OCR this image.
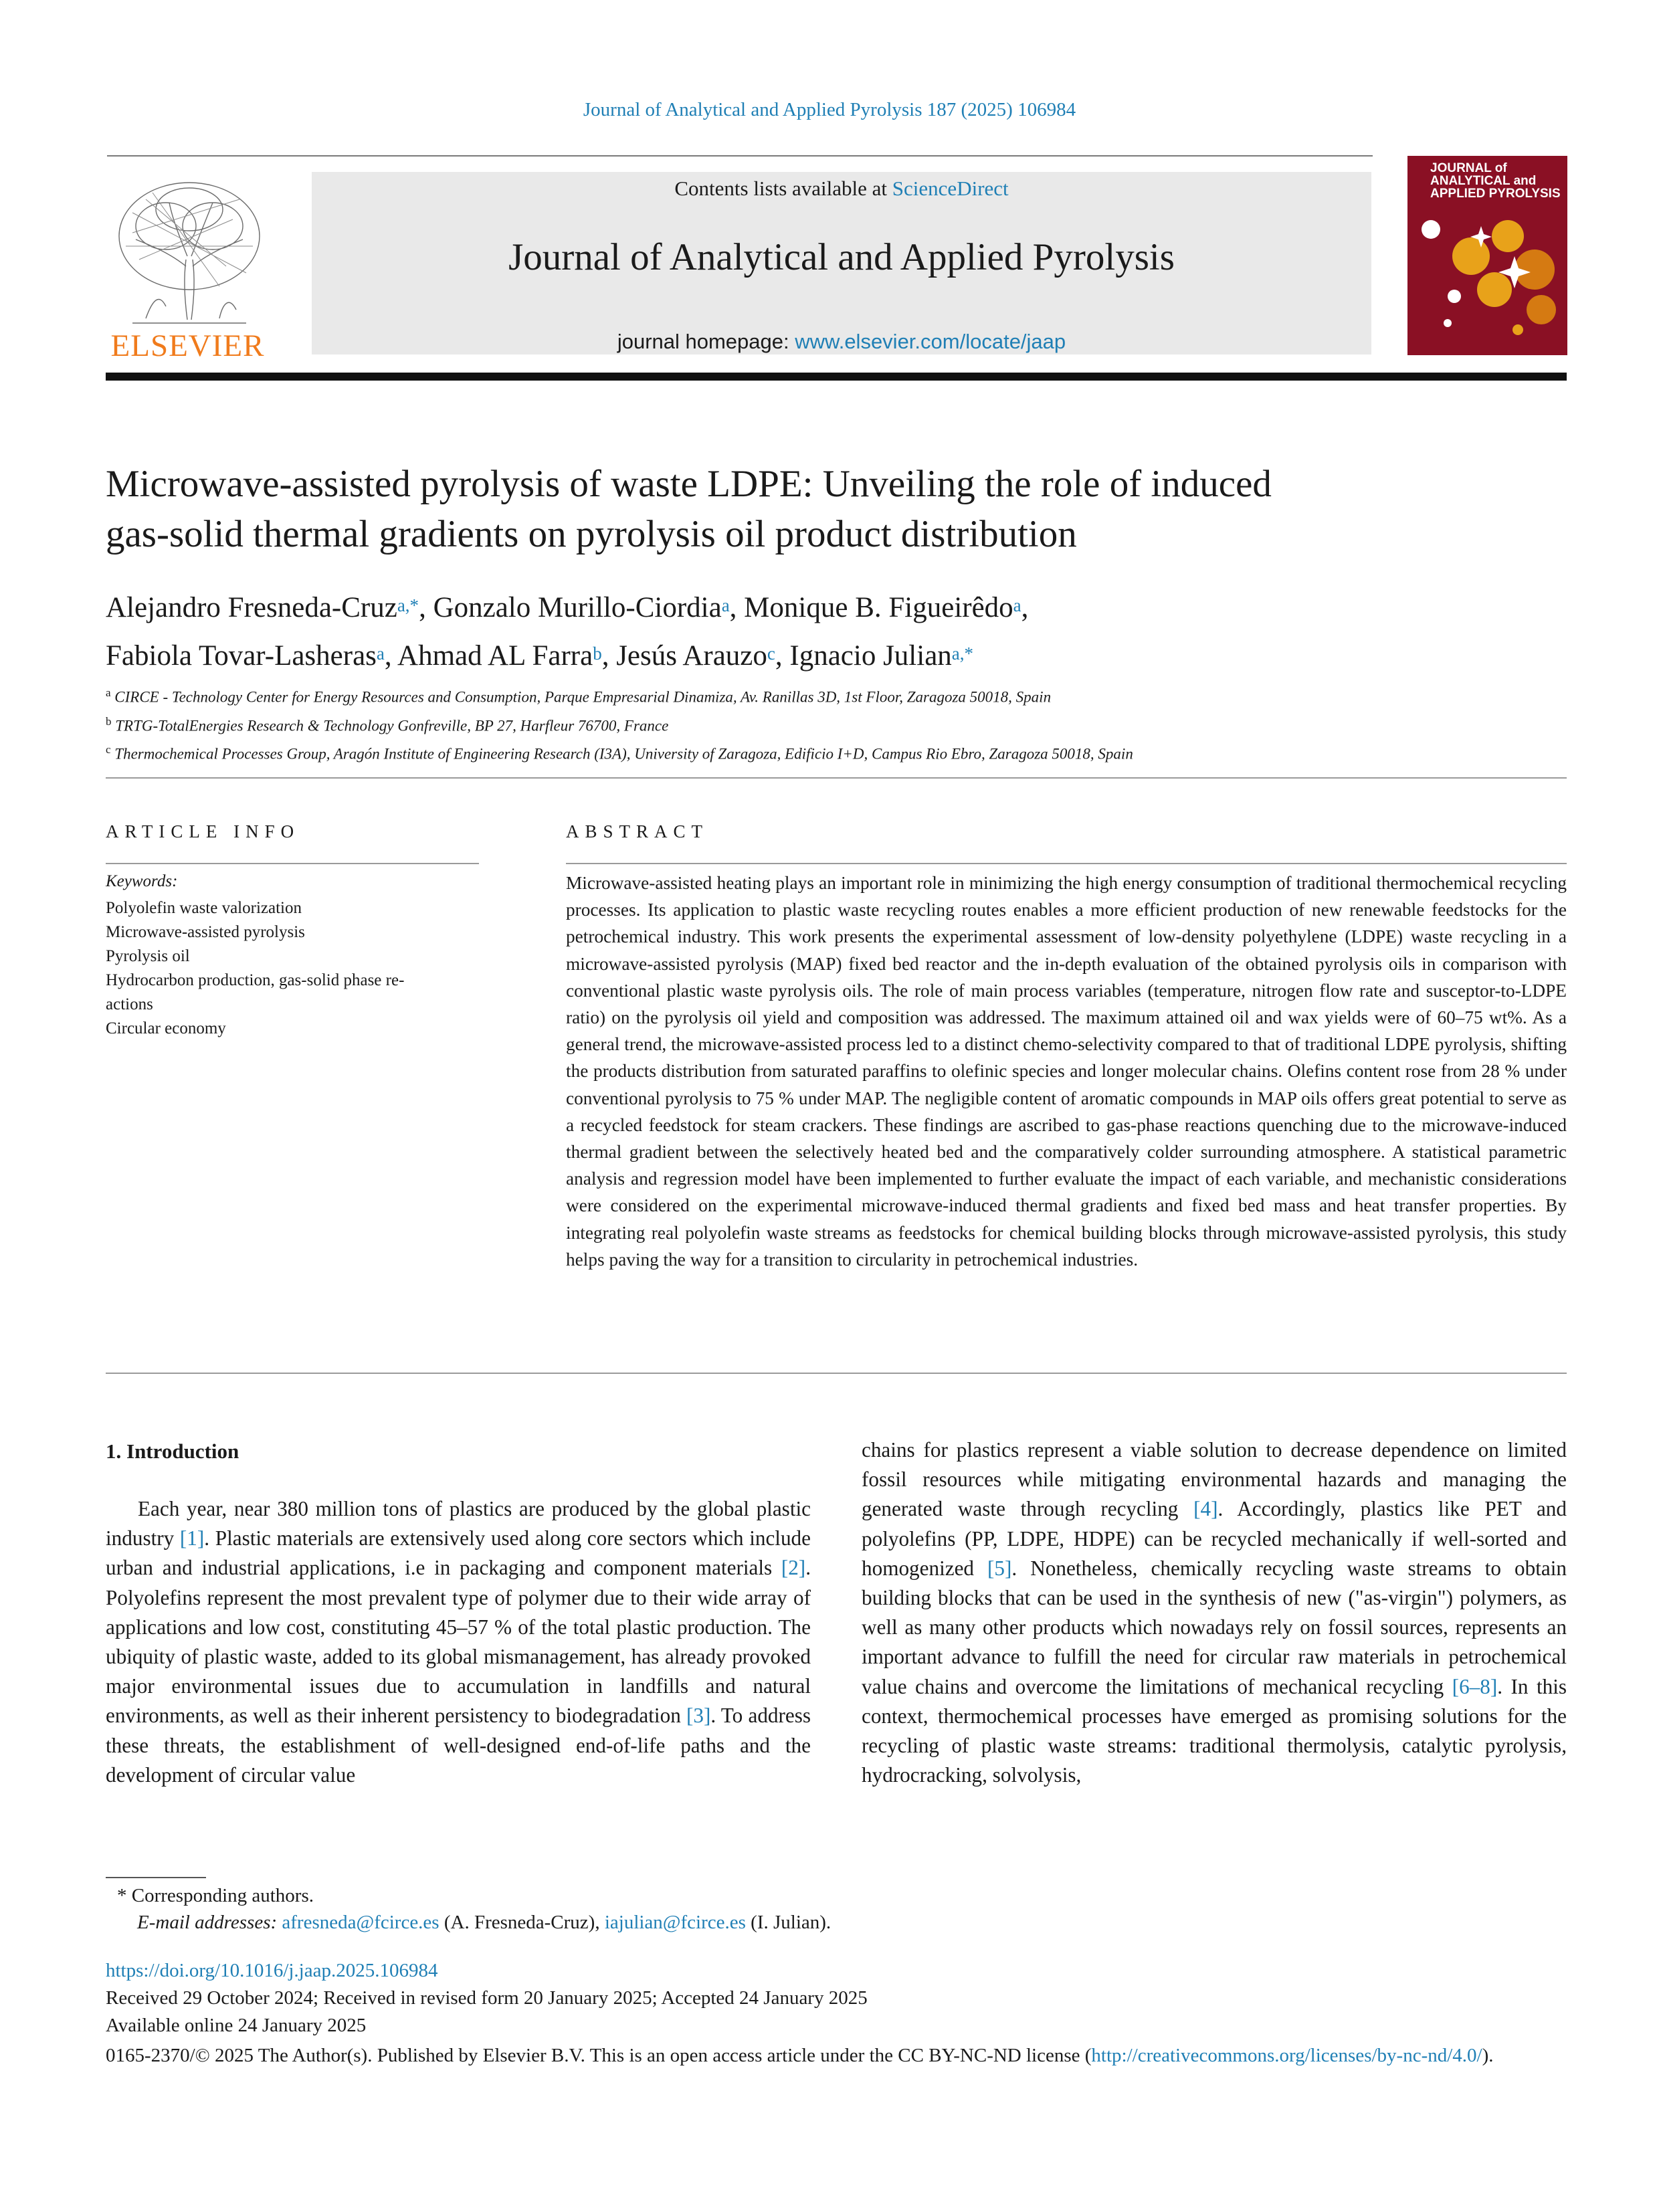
Journal of Analytical and Applied Pyrolysis 187 (2025) 106984
ELSEVIER
Contents lists available at ScienceDirect
Journal of Analytical and Applied Pyrolysis
journal homepage: www.elsevier.com/locate/jaap
JOURNAL of
ANALYTICAL and
APPLIED PYROLYSIS
Microwave-assisted pyrolysis of waste LDPE: Unveiling the role of induced
gas-solid thermal gradients on pyrolysis oil product distribution
Alejandro Fresneda-Cruz$^{a,*}$, Gonzalo Murillo-Ciordia$^a$, Monique B. Figueirêdo$^a$,
Fabiola Tovar-Lasheras$^a$, Ahmad AL Farra$^b$, Jesús Arauzo$^c$, Ignacio Julian$^{a,*}$
$^a$ CIRCE - Technology Center for Energy Resources and Consumption, Parque Empresarial Dinamiza, Av. Ranillas 3D, 1st Floor, Zaragoza 50018, Spain
$^b$ TRTG-TotalEnergies Research & Technology Gonfreville, BP 27, Harfleur 76700, France
$^c$ Thermochemical Processes Group, Aragón Institute of Engineering Research (I3A), University of Zaragoza, Edificio I+D, Campus Rio Ebro, Zaragoza 50018, Spain
ARTICLE INFO
Keywords:
Polyolefin waste valorization
Microwave-assisted pyrolysis
Pyrolysis oil
Hydrocarbon production, gas-solid phase re-
actions
Circular economy
ABSTRACT
Microwave-assisted heating plays an important role in minimizing the high energy consumption of traditional thermochemical recycling processes. Its application to plastic waste recycling routes enables a more efficient production of new renewable feedstocks for the petrochemical industry. This work presents the experimental assessment of low-density polyethylene (LDPE) waste recycling in a microwave-assisted pyrolysis (MAP) fixed bed reactor and the in-depth evaluation of the obtained pyrolysis oils in comparison with conventional plastic waste pyrolysis oils. The role of main process variables (temperature, nitrogen flow rate and susceptor-to-LDPE ratio) on the pyrolysis oil yield and composition was addressed. The maximum attained oil and wax yields were of 60–75 wt%. As a general trend, the microwave-assisted process led to a distinct chemo-selectivity compared to that of traditional LDPE pyrolysis, shifting the products distribution from saturated paraffins to olefinic species and longer molecular chains. Olefins content rose from 28 % under conventional pyrolysis to 75 % under MAP. The negligible content of aromatic compounds in MAP oils offers great potential to serve as a recycled feedstock for steam crackers. These findings are ascribed to gas-phase reactions quenching due to the microwave-induced thermal gradient between the selectively heated bed and the comparatively colder surrounding atmosphere. A statistical parametric analysis and regression model have been implemented to further evaluate the impact of each variable, and mechanistic considerations were considered on the experimental microwave-induced thermal gradients and fixed bed mass and heat transfer properties. By integrating real polyolefin waste streams as feedstocks for chemical building blocks through microwave-assisted pyrolysis, this study helps paving the way for a transition to circularity in petrochemical industries.
1. Introduction
Each year, near 380 million tons of plastics are produced by the global plastic industry [1]. Plastic materials are extensively used along core sectors which include urban and industrial applications, i.e in packaging and component materials [2]. Polyolefins represent the most prevalent type of polymer due to their wide array of applications and low cost, constituting 45–57 % of the total plastic production. The ubiquity of plastic waste, added to its global mismanagement, has already provoked major environmental issues due to accumulation in landfills and natural environments, as well as their inherent persistency to biodegradation [3]. To address these threats, the establishment of well-designed end-of-life paths and the development of circular value
chains for plastics represent a viable solution to decrease dependence on limited fossil resources while mitigating environmental hazards and managing the generated waste through recycling [4]. Accordingly, plastics like PET and polyolefins (PP, LDPE, HDPE) can be recycled mechanically if well-sorted and homogenized [5]. Nonetheless, chemically recycling waste streams to obtain building blocks that can be used in the synthesis of new ("as-virgin") polymers, as well as many other products which nowadays rely on fossil sources, represents an important advance to fulfill the need for circular raw materials in petrochemical value chains and overcome the limitations of mechanical recycling [6–8]. In this context, thermochemical processes have emerged as promising solutions for the recycling of plastic waste streams: traditional thermolysis, catalytic pyrolysis, hydrocracking, solvolysis,
* Corresponding authors.
E-mail addresses: afresneda@fcirce.es (A. Fresneda-Cruz), iajulian@fcirce.es (I. Julian).
https://doi.org/10.1016/j.jaap.2025.106984
Received 29 October 2024; Received in revised form 20 January 2025; Accepted 24 January 2025
Available online 24 January 2025
0165-2370/© 2025 The Author(s). Published by Elsevier B.V. This is an open access article under the CC BY-NC-ND license (http://creativecommons.org/licenses/by-nc-nd/4.0/).
